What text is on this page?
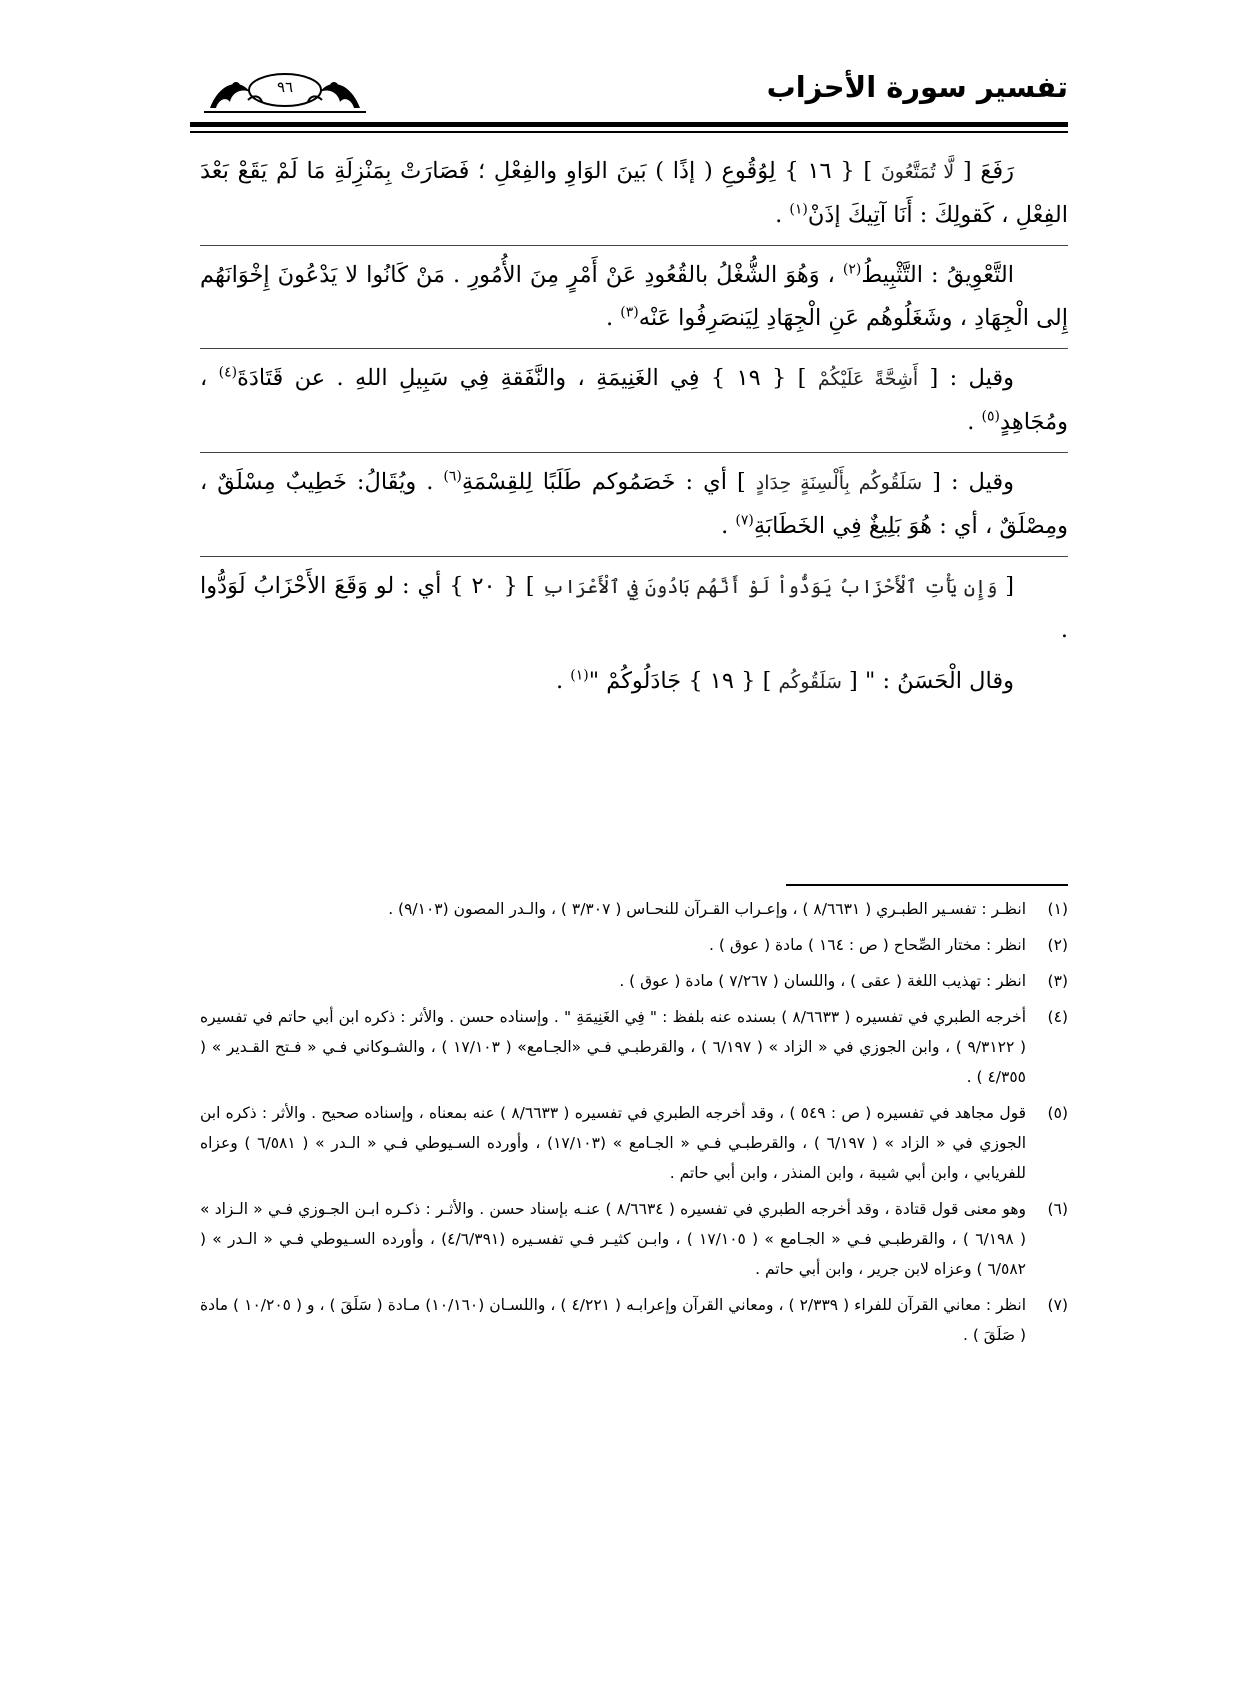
تفسير سورة الأحزاب
٩٦

رَفَعَ [ لَّا تُمَتَّعُونَ ] { ١٦ } لِوُقُوعِ ( إذًا ) بَينَ الوَاوِ والفِعْلِ ؛ فَصَارَتْ بِمَنْزِلَةِ مَا لَمْ يَقَعْ بَعْدَ الفِعْلِ ، كَقولِكَ : أَنَا آتِيكَ إذَنْ$^{(١)}$ .

التَّعْوِيقُ : التَّثْبِيطُ$^{(٢)}$ ، وَهُوَ الشُّغْلُ بالقُعُودِ عَنْ أَمْرٍ مِنَ الأُمُورِ . مَنْ كَانُوا لا يَدْعُونَ إِخْوَانَهُم إِلى الْجِهَادِ ، وشَغَلُوهُم عَنِ الْجِهَادِ لِيَنصَرِفُوا عَنْه$^{(٣)}$ .

وقيل : [ أَشِحَّةً عَلَيْكُمْ ] { ١٩ } فِي الغَنِيمَةِ ، والنَّفَقةِ فِي سَبِيلِ اللهِ . عن قَتَادَةَ$^{(٤)}$ ، ومُجَاهِدٍ$^{(٥)}$ .

وقيل : [ سَلَقُوكُم بِأَلْسِنَةٍ حِدَادٍ ] أي : خَصَمُوكم طَلَبًا لِلقِسْمَةِ$^{(٦)}$ . ويُقَالُ: خَطِيبٌ مِسْلَقٌ ، ومِصْلَقٌ ، أي : هُوَ بَلِيغٌ فِي الخَطَابَةِ$^{(٧)}$ .

[ وَإِن يَأْتِ ٱلْأَحْزَابُ يَوَدُّواْ لَوْ أَنَّهُم بَادُونَ فِي ٱلْأَعْرَابِ ] { ٢٠ } أي : لو وَقَعَ الأَحْزَابُ لَوَدُّوا .

وقال الْحَسَنُ : " [ سَلَقُوكُم ] { ١٩ } جَادَلُوكُمْ "$^{(١)}$ .

(١)
انظـر : تفسـير الطبـري ( ٨/٦٦٣١ ) ، وإعـراب القـرآن للنحـاس ( ٣/٣٠٧ ) ، والـدر المصون (٩/١٠٣) .
(٢)
انظر : مختار الصِّحاح ( ص : ١٦٤ ) مادة ( عوق ) .
(٣)
انظر : تهذيب اللغة ( عقى ) ، واللسان ( ٧/٢٦٧ ) مادة ( عوق ) .
(٤)
أخرجه الطبري في تفسيره ( ٨/٦٦٣٣ ) بسنده عنه بلفظ : " فِي الغَنِيمَةِ " . وإسناده حسن . والأثر : ذكره ابن أبي حاتم في تفسيره ( ٩/٣١٢٢ ) ، وابن الجوزي في « الزاد » ( ٦/١٩٧ ) ، والقرطبـي فـي «الجـامع» ( ١٧/١٠٣ ) ، والشـوكاني فـي « فـتح القـدير » ( ٤/٣٥٥ ) .
(٥)
قول مجاهد في تفسيره ( ص : ٥٤٩ ) ، وقد أخرجه الطبري في تفسيره ( ٨/٦٦٣٣ ) عنه بمعناه ، وإسناده صحيح . والأثر : ذكره ابن الجوزي في « الزاد » ( ٦/١٩٧ ) ، والقرطبـي فـي « الجـامع » (١٧/١٠٣) ، وأورده السـيوطي فـي « الـدر » ( ٦/٥٨١ ) وعزاه للفريابي ، وابن أبي شيبة ، وابن المنذر ، وابن أبي حاتم .
(٦)
وهو معنى قول قتادة ، وقد أخرجه الطبري في تفسيره ( ٨/٦٦٣٤ ) عنـه بإسناد حسن . والأثـر : ذكـره ابـن الجـوزي فـي « الـزاد » ( ٦/١٩٨ ) ، والقرطبـي فـي « الجـامع » ( ١٧/١٠٥ ) ، وابـن كثيـر فـي تفسـيره (٤/٦/٣٩١) ، وأورده السـيوطي فـي « الـدر » ( ٦/٥٨٢ ) وعزاه لابن جرير ، وابن أبي حاتم .
(٧)
انظر : معاني القرآن للفراء ( ٢/٣٣٩ ) ، ومعاني القرآن وإعرابـه ( ٤/٢٢١ ) ، واللسـان (١٠/١٦٠) مـادة ( سَلَقَ ) ، و ( ١٠/٢٠٥ ) مادة ( صَلَقَ ) .
